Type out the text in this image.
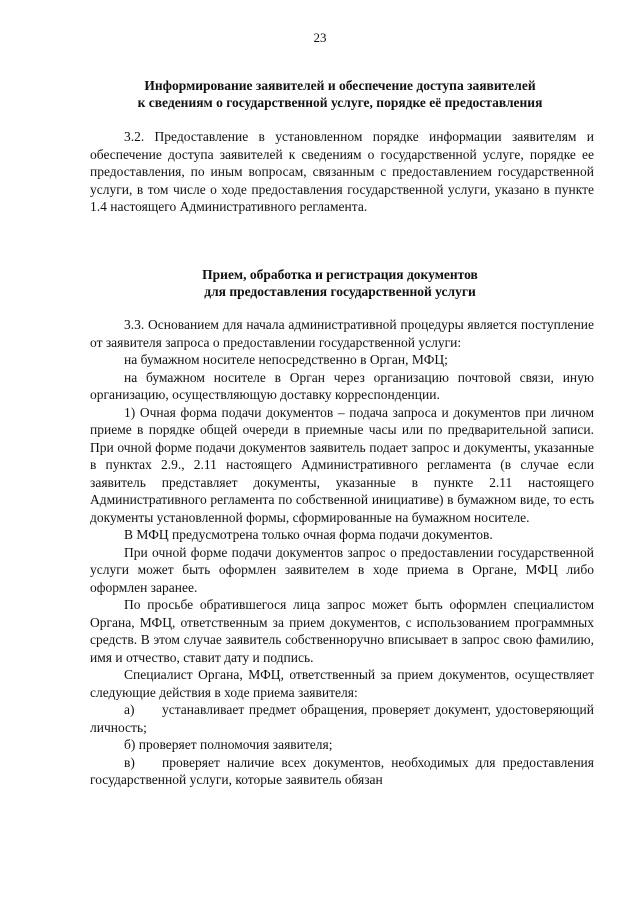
23
Информирование заявителей и обеспечение доступа заявителей
к сведениям о государственной услуге, порядке её предоставления

3.2. Предоставление в установленном порядке информации заявителям и обеспечение доступа заявителей к сведениям о государственной услуге, порядке ее предоставления, по иным вопросам, связанным с предоставлением государственной услуги, в том числе о ходе предоставления государственной услуги, указано в пункте 1.4 настоящего Административного регламента.

Прием, обработка и регистрация документов
для предоставления государственной услуги

3.3. Основанием для начала административной процедуры является поступление от заявителя запроса о предоставлении государственной услуги:

на бумажном носителе непосредственно в Орган, МФЦ;

на бумажном носителе в Орган через организацию почтовой связи, иную организацию, осуществляющую доставку корреспонденции.

1) Очная форма подачи документов – подача запроса и документов при личном приеме в порядке общей очереди в приемные часы или по предварительной записи. При очной форме подачи документов заявитель подает запрос и документы, указанные в пунктах 2.9., 2.11 настоящего Административного регламента (в случае если заявитель представляет документы, указанные в пункте 2.11 настоящего Административного регламента по собственной инициативе) в бумажном виде, то есть документы установленной формы, сформированные на бумажном носителе.

В МФЦ предусмотрена только очная форма подачи документов.

При очной форме подачи документов запрос о предоставлении государственной услуги может быть оформлен заявителем в ходе приема в Органе, МФЦ либо оформлен заранее.

По просьбе обратившегося лица запрос может быть оформлен специалистом Органа, МФЦ, ответственным за прием документов, с использованием программных средств. В этом случае заявитель собственноручно вписывает в запрос свою фамилию, имя и отчество, ставит дату и подпись.

Специалист Органа, МФЦ, ответственный за прием документов, осуществляет следующие действия в ходе приема заявителя:

а) устанавливает предмет обращения, проверяет документ, удостоверяющий личность;

б) проверяет полномочия заявителя;

в) проверяет наличие всех документов, необходимых для предоставления государственной услуги, которые заявитель обязан
